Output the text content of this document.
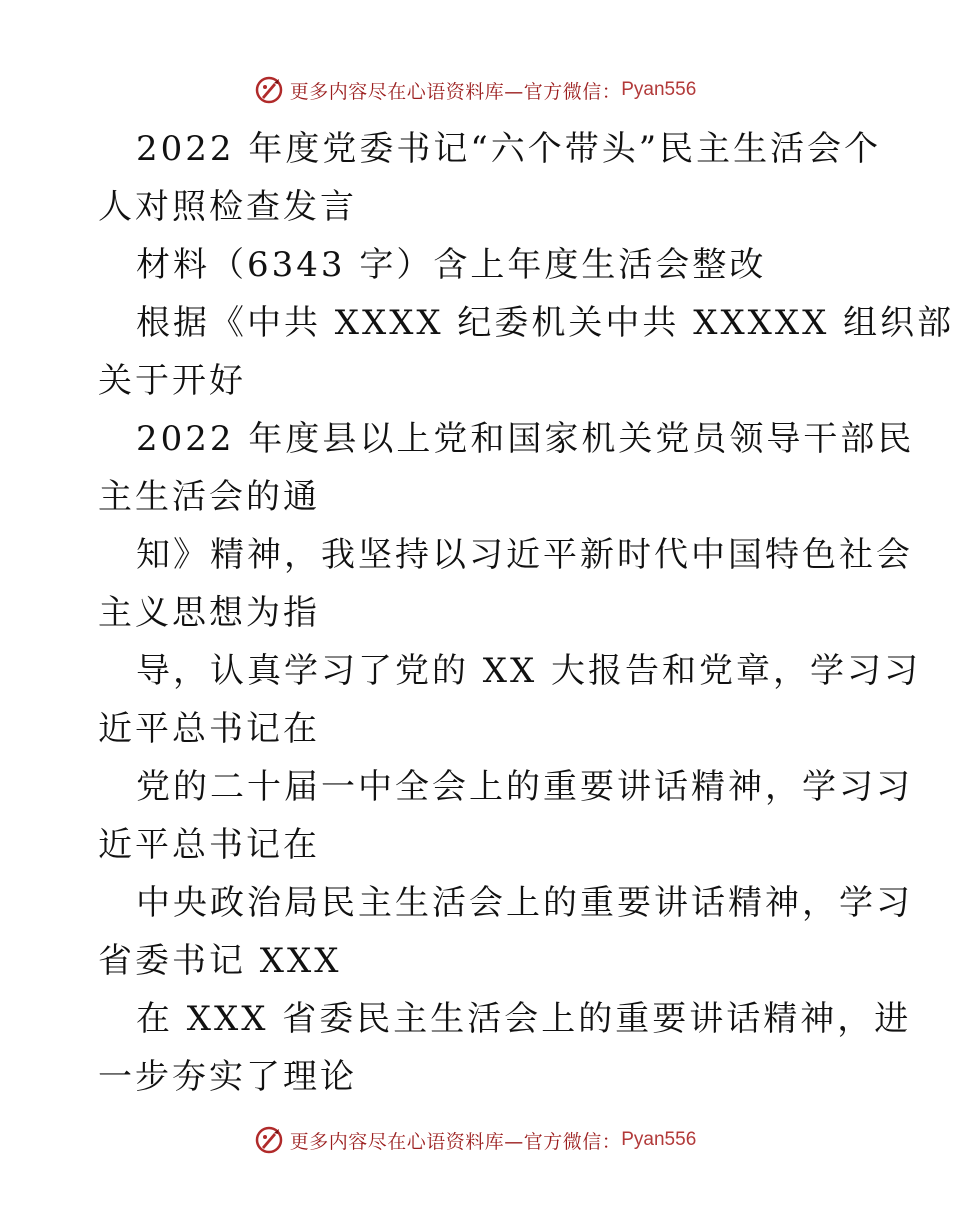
更多内容尽在心语资料库—官方微信： Pyan556
2022 年度党委书记“六个带头”民主生活会个
人对照检查发言
材料（6343 字）含上年度生活会整改
根据《中共 XXXX 纪委机关中共 XXXXX 组织部
关于开好
2022 年度县以上党和国家机关党员领导干部民
主生活会的通
知》精神，我坚持以习近平新时代中国特色社会
主义思想为指
导，认真学习了党的 XX 大报告和党章，学习习
近平总书记在
党的二十届一中全会上的重要讲话精神，学习习
近平总书记在
中央政治局民主生活会上的重要讲话精神，学习
省委书记 XXX
在 XXX 省委民主生活会上的重要讲话精神，进
一步夯实了理论
更多内容尽在心语资料库—官方微信： Pyan556
